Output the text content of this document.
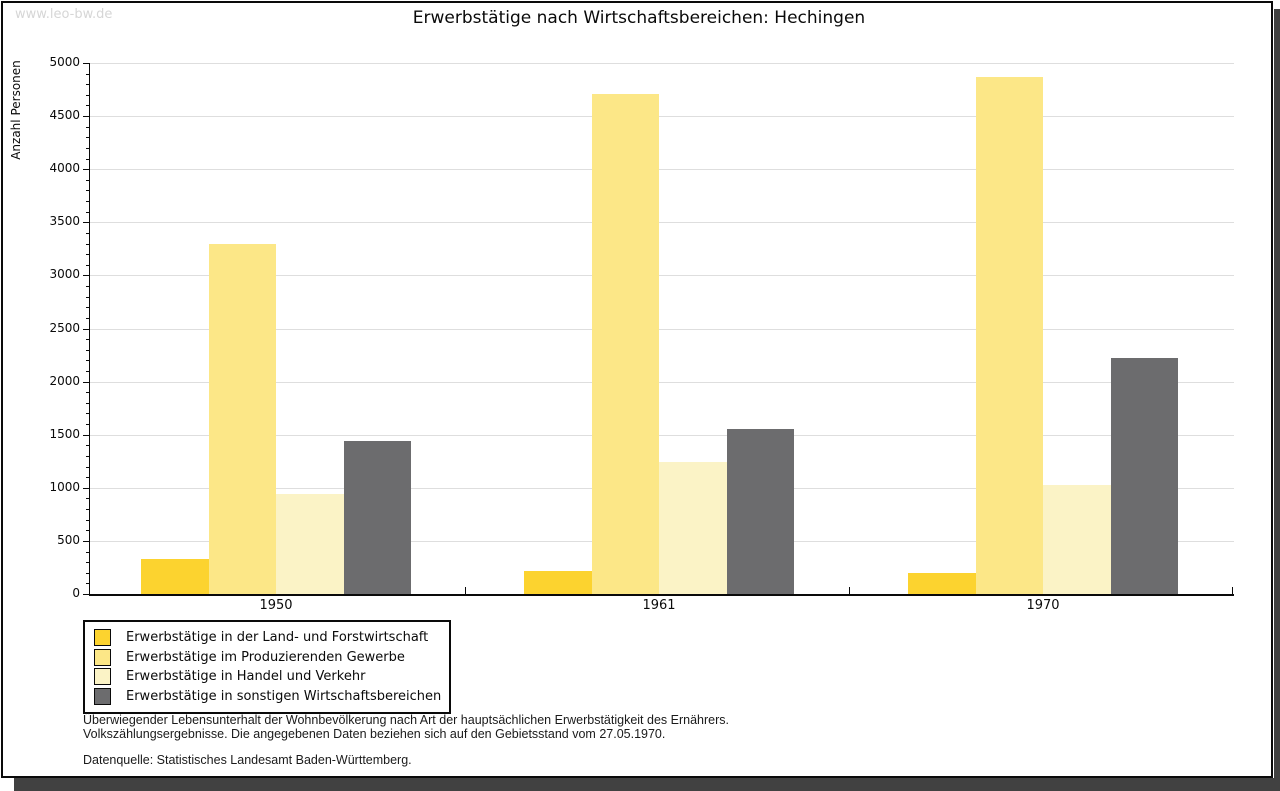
www.leo-bw.de	Erwerbstätige nach Wirtschaftsbereichen: Hechingen
Anzahl Personen
0
500
1000
1500
2000
2500
3000
3500
4000
4500
5000
1950	1961	1970
Erwerbstätige in der Land- und Forstwirtschaft
Erwerbstätige im Produzierenden Gewerbe
Erwerbstätige in Handel und Verkehr
Erwerbstätige in sonstigen Wirtschaftsbereichen
Überwiegender Lebensunterhalt der Wohnbevölkerung nach Art der hauptsächlichen Erwerbstätigkeit des Ernährers.
Volkszählungsergebnisse. Die angegebenen Daten beziehen sich auf den Gebietsstand vom 27.05.1970.
Datenquelle: Statistisches Landesamt Baden-Württemberg.
